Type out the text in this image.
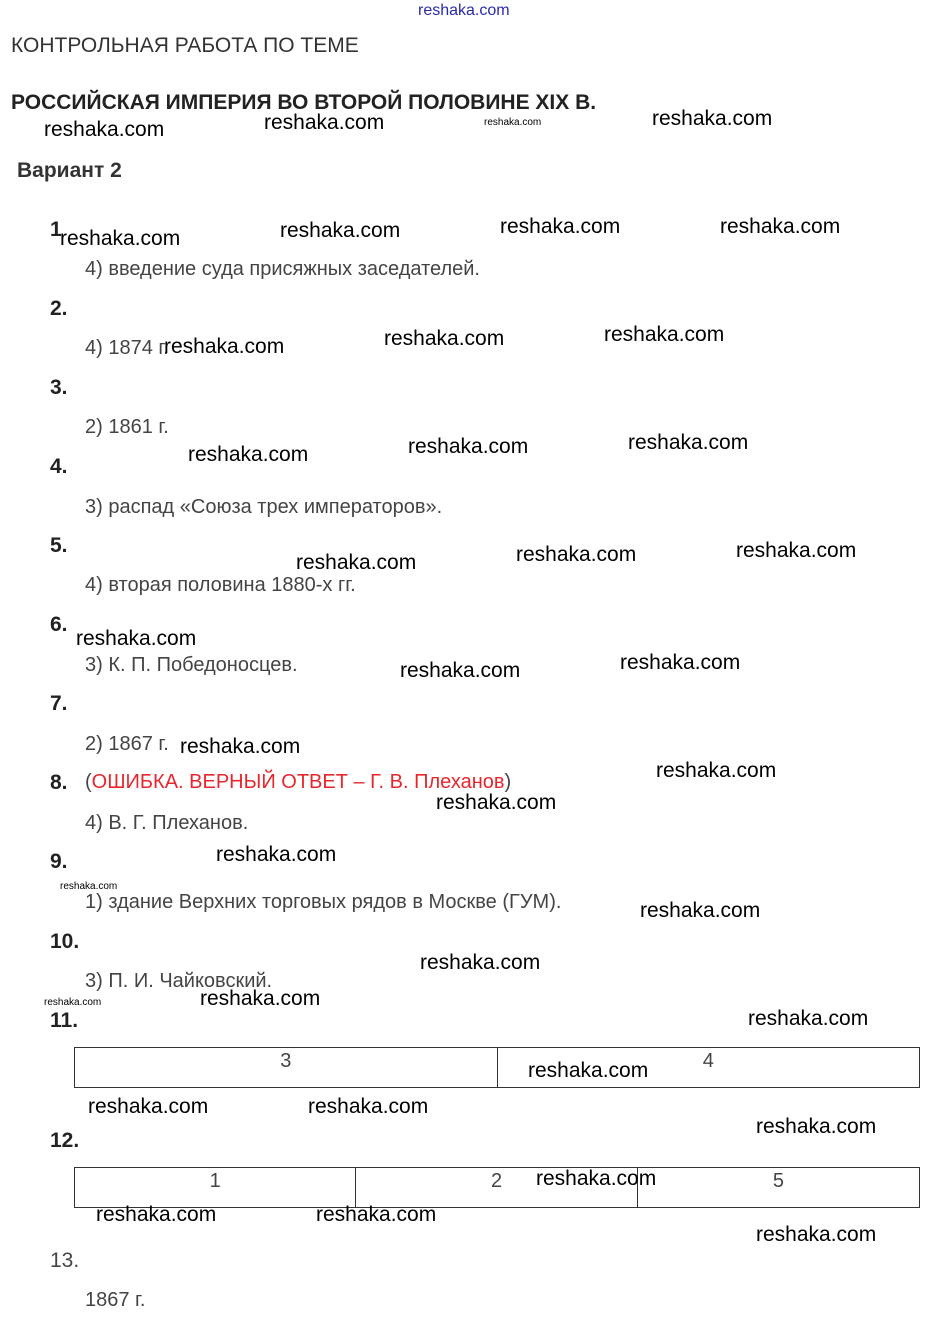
reshaka.com
КОНТРОЛЬНАЯ РАБОТА ПО ТЕМЕ
РОССИЙСКАЯ ИМПЕРИЯ ВО ВТОРОЙ ПОЛОВИНЕ XIX В.
Вариант 2
1
4) введение суда присяжных заседателей.
2.
4) 1874 г.
3.
2) 1861 г.
4.
3) распад «Союза трех императоров».
5.
4) вторая половина 1880-х гг.
6.
3) К. П. Победоносцев.
7.
2) 1867 г.
8. (ОШИБКА. ВЕРНЫЙ ОТВЕТ – Г. В. Плеханов)
4) В. Г. Плеханов.
9.
1) здание Верхних торговых рядов в Москве (ГУМ).
10.
3) П. И. Чайковский.
11.
3	4
12.
1	2	5
13.
1867 г.
reshaka.com	reshaka.com	reshaka.com	reshaka.com
reshaka.com	reshaka.com	reshaka.com	reshaka.com
reshaka.com	reshaka.com	reshaka.com
reshaka.com	reshaka.com	reshaka.com
reshaka.com	reshaka.com	reshaka.com
reshaka.com
reshaka.com	reshaka.com
reshaka.com
reshaka.com
reshaka.com
reshaka.com
reshaka.com
reshaka.com
reshaka.com
reshaka.com	reshaka.com
reshaka.com
reshaka.com
reshaka.com	reshaka.com
reshaka.com
reshaka.com
reshaka.com	reshaka.com
reshaka.com
